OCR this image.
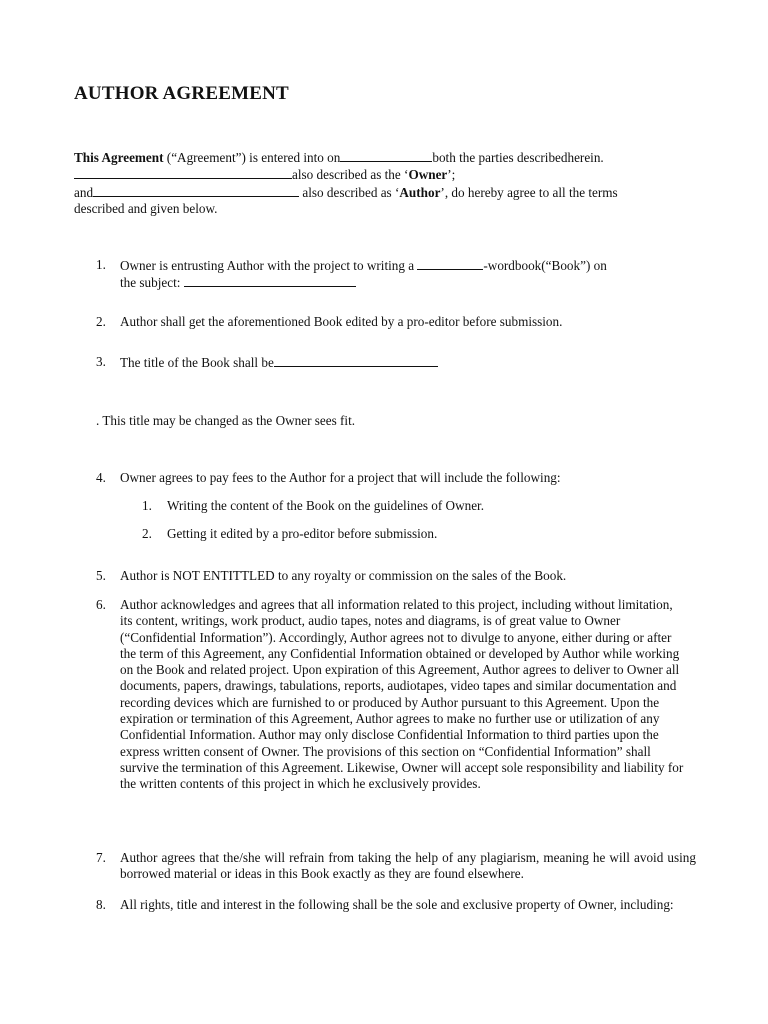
AUTHOR AGREEMENT
This Agreement (“Agreement”) is entered into on	both the parties describedherein.
also described as the ‘Owner’;
and	also described as ‘Author’, do hereby agree to all the terms
described and given below.
1. Owner is entrusting Author with the project to writing a	-wordbook(“Book”) on
the subject:
2. Author shall get the aforementioned Book edited by a pro-editor before submission.
3. The title of the Book shall be
. This title may be changed as the Owner sees fit.
4. Owner agrees to pay fees to the Author for a project that will include the following:
1. Writing the content of the Book on the guidelines of Owner.
2. Getting it edited by a pro-editor before submission.
5. Author is NOT ENTITTLED to any royalty or commission on the sales of the Book.
6. Author acknowledges and agrees that all information related to this project, including without limitation, its content, writings, work product, audio tapes, notes and diagrams, is of great value to Owner (“Confidential Information”). Accordingly, Author agrees not to divulge to anyone, either during or after the term of this Agreement, any Confidential Information obtained or developed by Author while working on the Book and related project. Upon expiration of this Agreement, Author agrees to deliver to Owner all documents, papers, drawings, tabulations, reports, audiotapes, video tapes and similar documentation and recording devices which are furnished to or produced by Author pursuant to this Agreement. Upon the expiration or termination of this Agreement, Author agrees to make no further use or utilization of any Confidential Information. Author may only disclose Confidential Information to third parties upon the express written consent of Owner. The provisions of this section on “Confidential Information” shall survive the termination of this Agreement. Likewise, Owner will accept sole responsibility and liability for the written contents of this project in which he exclusively provides.
7. Author agrees that the/she will refrain from taking the help of any plagiarism, meaning he will avoid using borrowed material or ideas in this Book exactly as they are found elsewhere.
8. All rights, title and interest in the following shall be the sole and exclusive property of Owner, including:
